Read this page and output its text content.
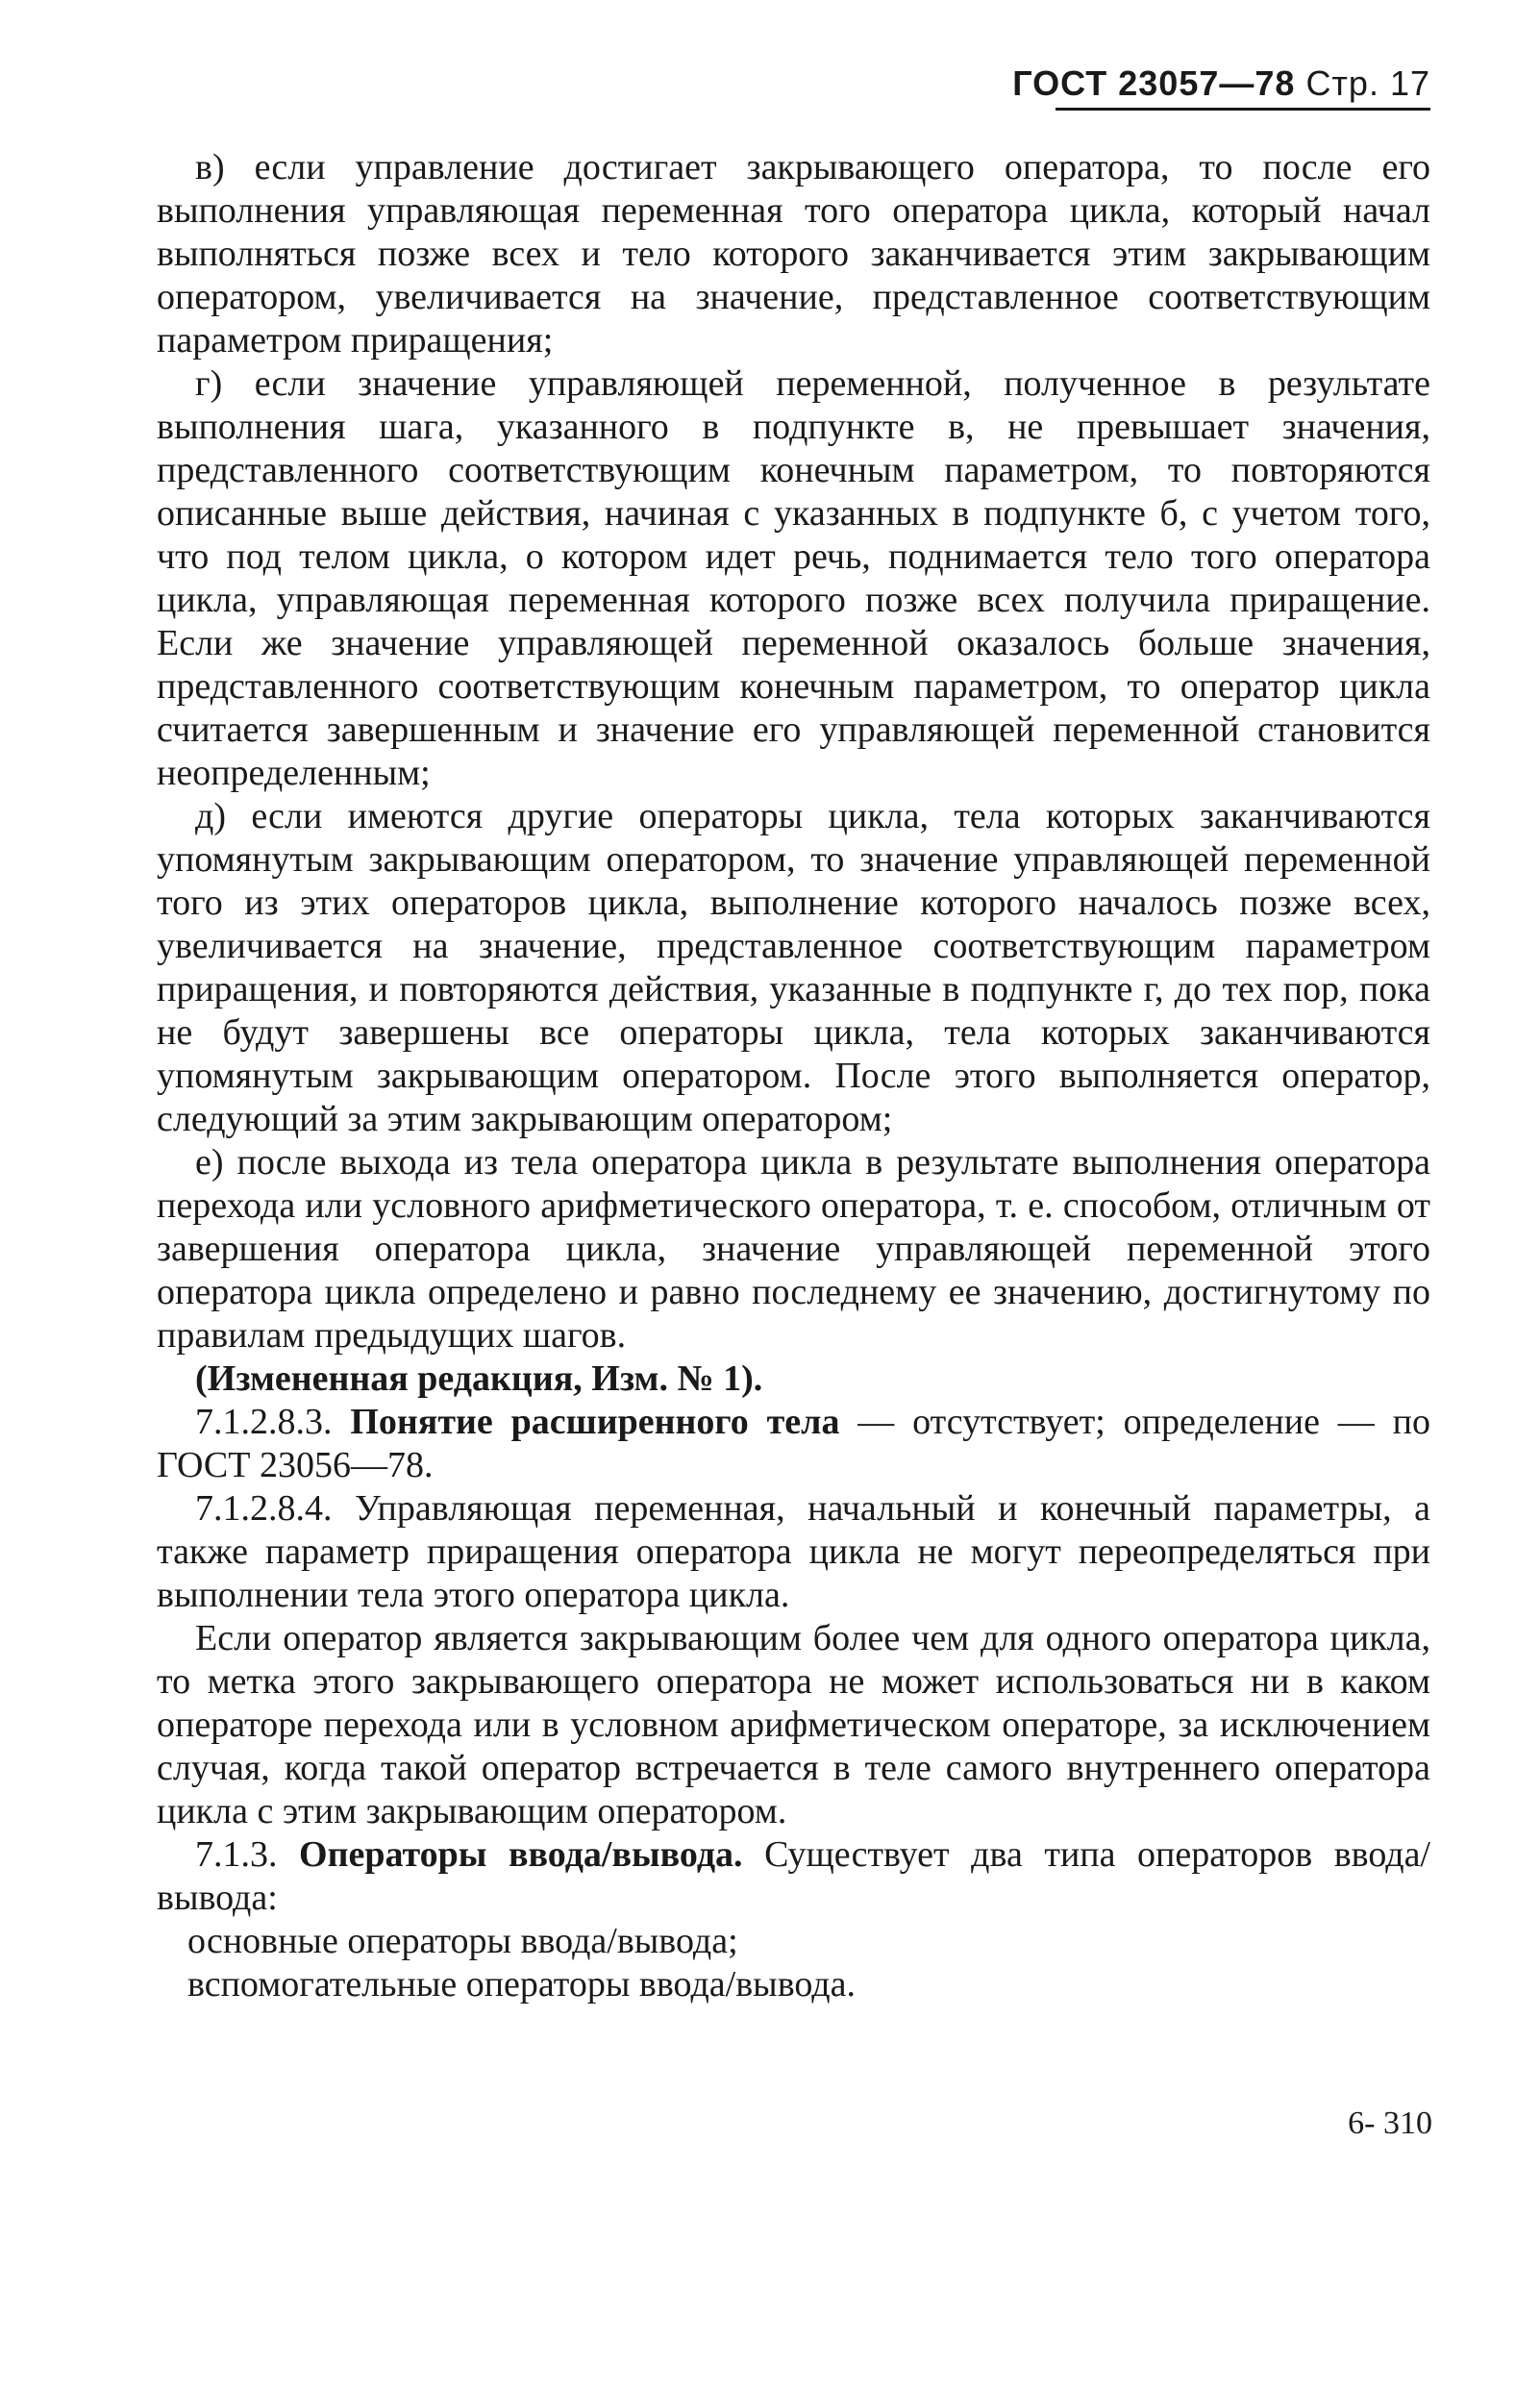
ГОСТ 23057—78 Стр. 17

в) если управление достигает закрывающего оператора, то после его выполнения управляющая переменная того оператора цикла, который начал выполняться позже всех и тело которого заканчивается этим закрывающим оператором, увеличивается на значение, представленное соответствующим параметром приращения;

г) если значение управляющей переменной, полученное в результате выполнения шага, указанного в подпункте в, не превышает значения, представленного соответствующим конечным параметром, то повторяются описанные выше действия, начиная с указанных в подпункте б, с учетом того, что под телом цикла, о котором идет речь, поднимается тело того оператора цикла, управляющая переменная которого позже всех получила приращение. Если же значение управляющей переменной оказалось больше значения, представленного соответствующим конечным параметром, то оператор цикла считается завершенным и значение его управляющей переменной становится неопределенным;

д) если имеются другие операторы цикла, тела которых заканчиваются упомянутым закрывающим оператором, то значение управляющей переменной того из этих операторов цикла, выполнение которого началось позже всех, увеличивается на значение, представленное соответствующим параметром приращения, и повторяются действия, указанные в подпункте г, до тех пор, пока не будут завершены все операторы цикла, тела которых заканчиваются упомянутым закрывающим оператором. После этого выполняется оператор, следующий за этим закрывающим оператором;

е) после выхода из тела оператора цикла в результате выполнения оператора перехода или условного арифметического оператора, т. е. способом, отличным от завершения оператора цикла, значение управляющей переменной этого оператора цикла определено и равно последнему ее значению, достигнутому по правилам предыдущих шагов.

(Измененная редакция, Изм. № 1).

7.1.2.8.3. Понятие расширенного тела — отсутствует; определение — по ГОСТ 23056—78.

7.1.2.8.4. Управляющая переменная, начальный и конечный параметры, а также параметр приращения оператора цикла не могут переопределяться при выполнении тела этого оператора цикла.

Если оператор является закрывающим более чем для одного оператора цикла, то метка этого закрывающего оператора не может использоваться ни в каком операторе перехода или в условном арифметическом операторе, за исключением случая, когда такой оператор встречается в теле самого внутреннего оператора цикла с этим закрывающим оператором.

7.1.3. Операторы ввода/вывода. Существует два типа операторов ввода/вывода:

основные операторы ввода/вывода;

вспомогательные операторы ввода/вывода.

6- 310
